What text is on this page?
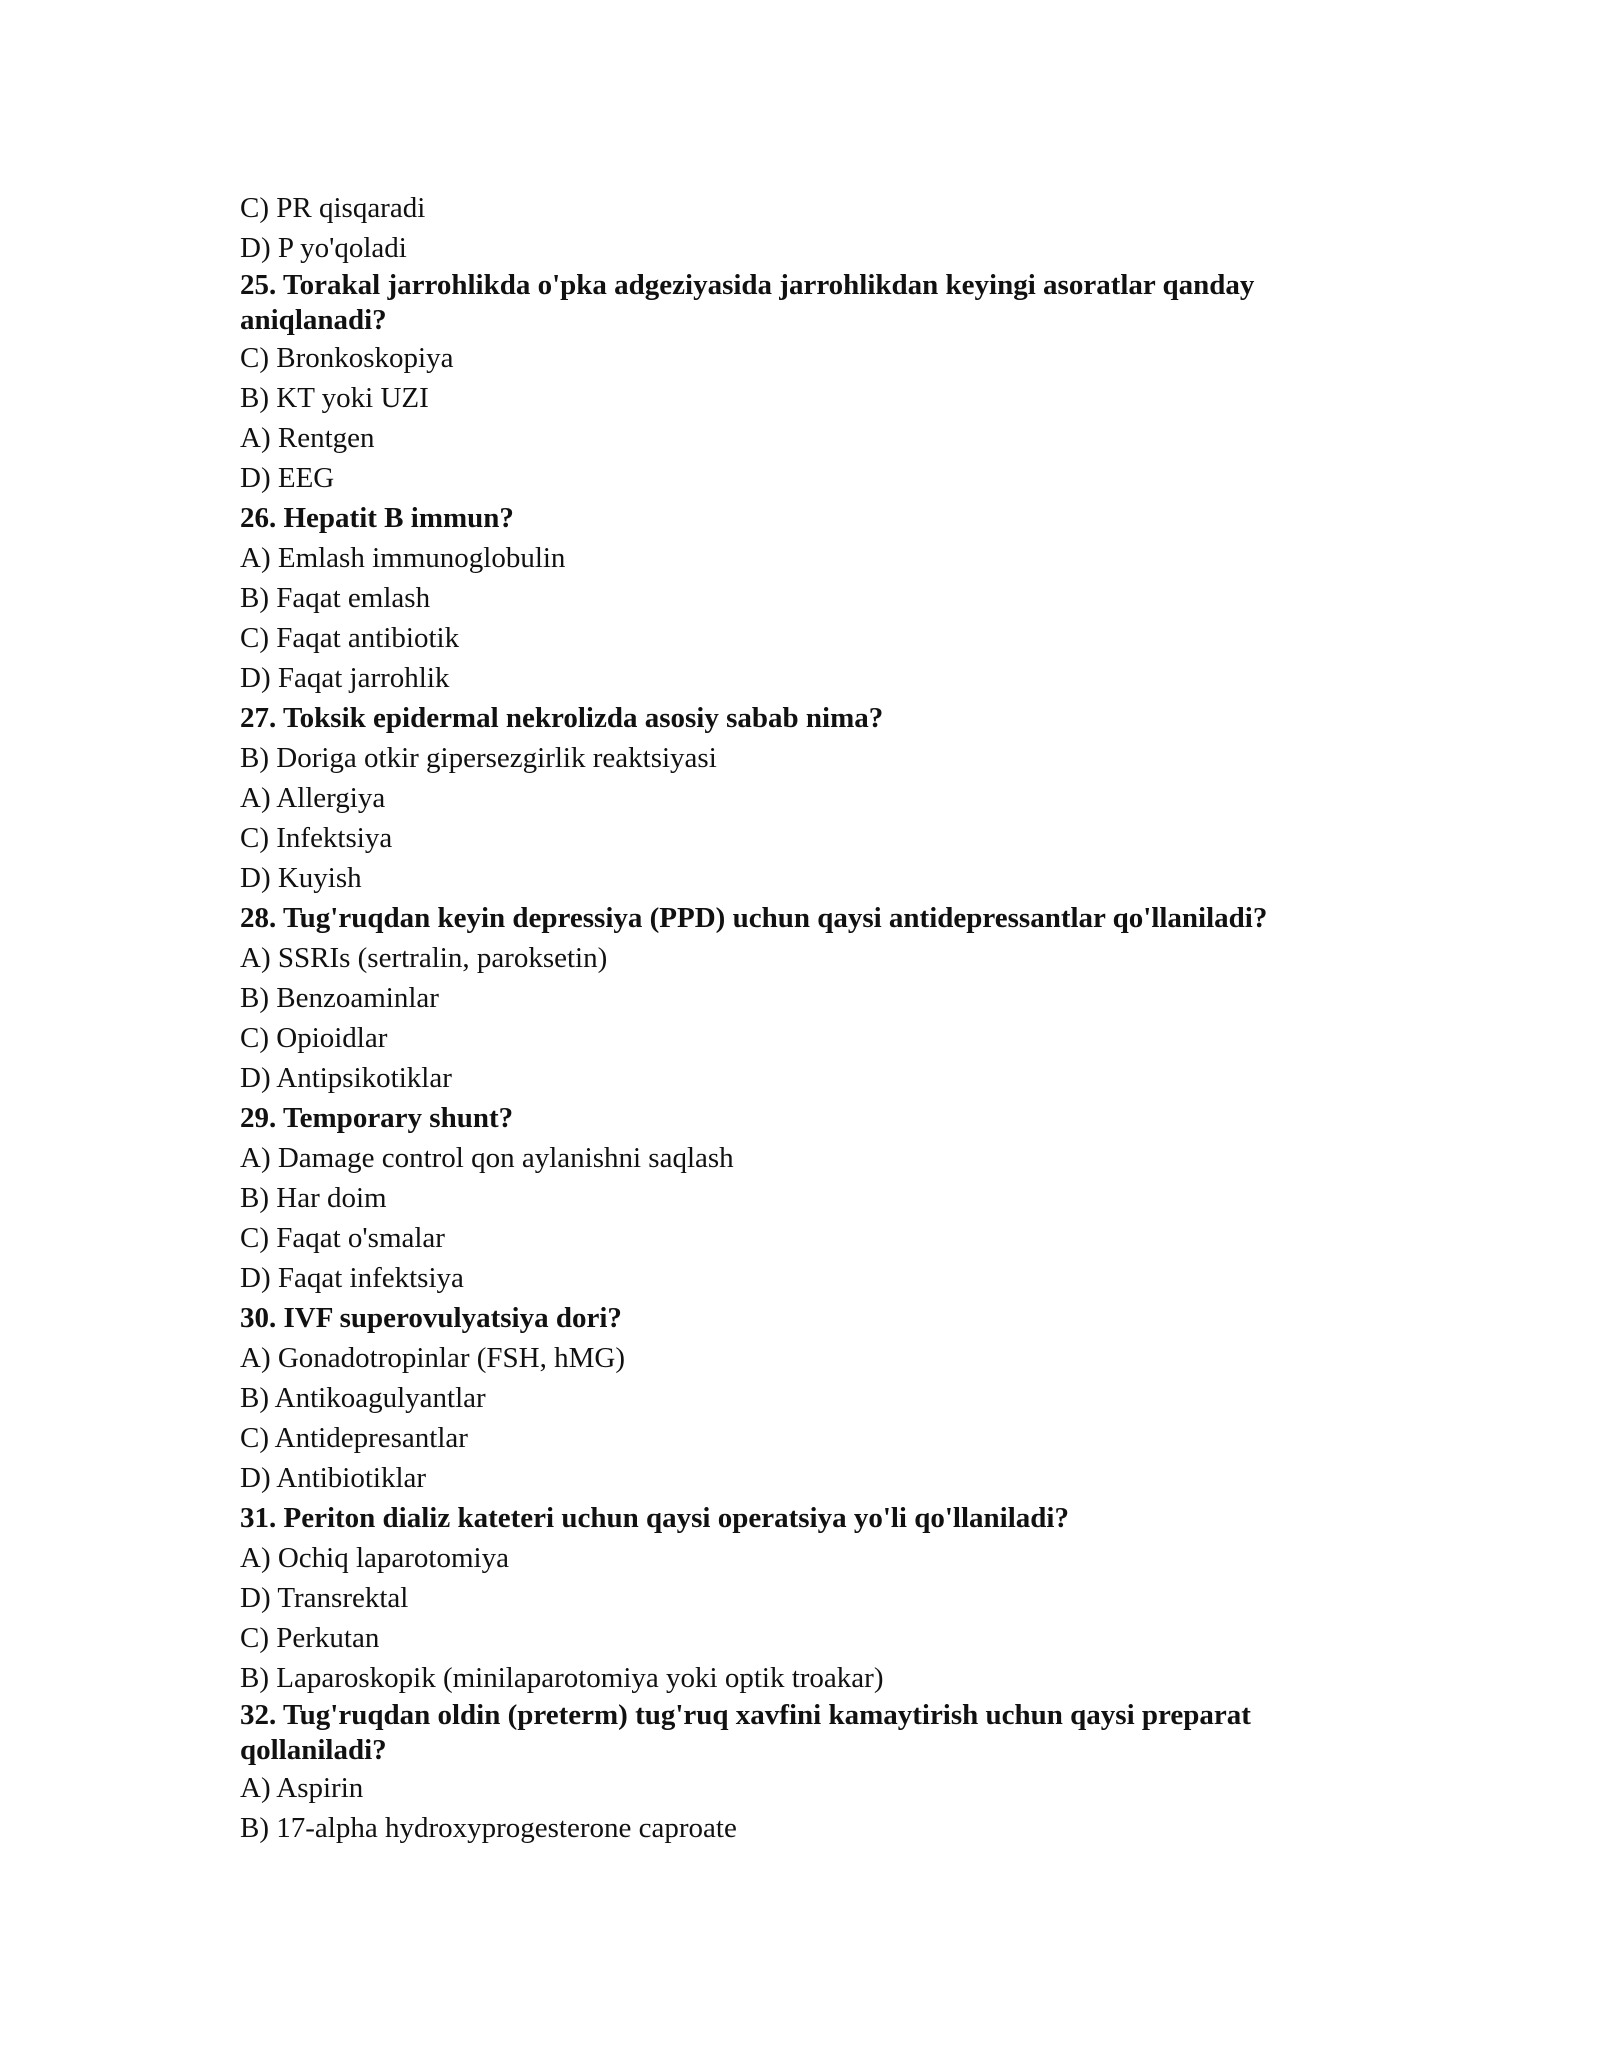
C) PR qisqaradi

D) P yo'qoladi

25. Torakal jarrohlikda o'pka adgeziyasida jarrohlikdan keyingi asoratlar qanday aniqlanadi?

C) Bronkoskopiya

B) KT yoki UZI

A) Rentgen

D) EEG

26. Hepatit B immun?

A) Emlash immunoglobulin

B) Faqat emlash

C) Faqat antibiotik

D) Faqat jarrohlik

27. Toksik epidermal nekrolizda asosiy sabab nima?

B) Doriga otkir gipersezgirlik reaktsiyasi

A) Allergiya

C) Infektsiya

D) Kuyish

28. Tug'ruqdan keyin depressiya (PPD) uchun qaysi antidepressantlar qo'llaniladi?

A) SSRIs (sertralin, paroksetin)

B) Benzoaminlar

C) Opioidlar

D) Antipsikotiklar

29. Temporary shunt?

A) Damage control qon aylanishni saqlash

B) Har doim

C) Faqat o'smalar

D) Faqat infektsiya

30. IVF superovulyatsiya dori?

A) Gonadotropinlar (FSH, hMG)

B) Antikoagulyantlar

C) Antidepresantlar

D) Antibiotiklar

31. Periton dializ kateteri uchun qaysi operatsiya yo'li qo'llaniladi?

A) Ochiq laparotomiya

D) Transrektal

C) Perkutan

B) Laparoskopik (minilaparotomiya yoki optik troakar)

32. Tug'ruqdan oldin (preterm) tug'ruq xavfini kamaytirish uchun qaysi preparat qollaniladi?

A) Aspirin

B) 17-alpha hydroxyprogesterone caproate
